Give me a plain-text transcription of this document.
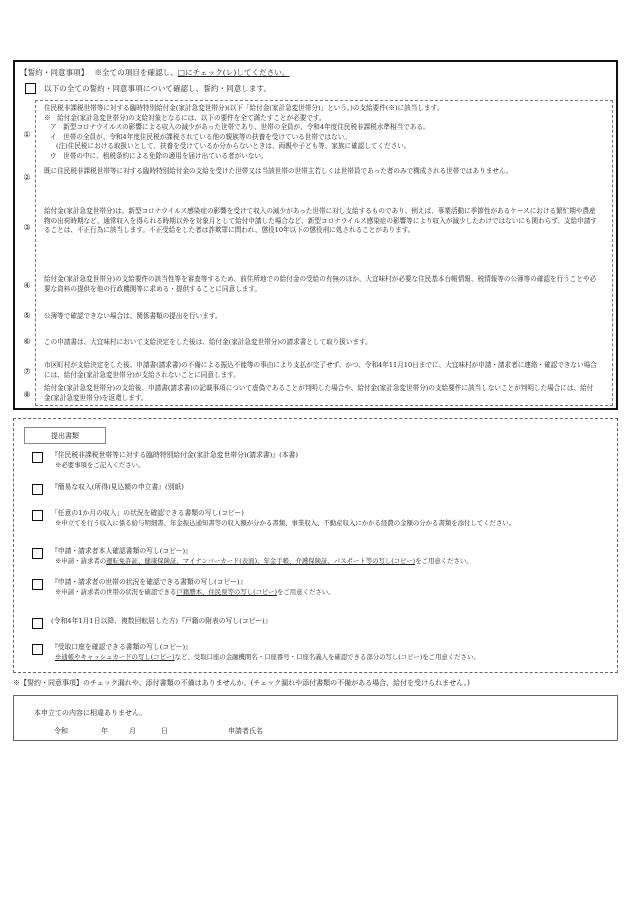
【誓約・同意事項】 ※全ての項目を確認し、□にチェック(レ)してください。
以下の全ての誓約・同意事項について確認し、誓約・同意します。
①
住民税非課税世帯等に対する臨時特別給付金(家計急変世帯分)(以下「給付金(家計急変世帯分)」という。)の支給要件(※)に該当します。
※　給付金(家計急変世帯分)の支給対象となるには、以下の要件を全て満たすことが必要です。
ア　新型コロナウイルスの影響による収入の減少があった世帯であり、世帯の全員が、令和4年度住民税非課税水準相当である。
イ　世帯の全員が、令和4年度住民税が課税されている他の親族等の扶養を受けている世帯ではない。
(注)住民税における取扱いとして、扶養を受けているか分からないときは、両親や子ども等、家族に確認してください。
ウ　世帯の中に、租税条約による免除の適用を届け出ている者がいない。
②
既に住民税非課税世帯等に対する臨時特別給付金の支給を受けた世帯又は当該世帯の世帯主若しくは世帯員であった者のみで構成される世帯ではありません。
③
給付金(家計急変世帯分)は、新型コロナウイルス感染症の影響を受けて収入の減少があった世帯に対し支給するものであり、例えば、事業活動に季節性があるケースにおける繁忙期や農産物の出荷時期など、通常収入を得られる時期以外を対象月として給付申請した場合など、新型コロナウイルス感染症の影響等により収入が減少したわけではないにも関わらず、支給申請することは、不正行為に該当します。不正受給をした者は詐欺罪に問われ、懲役10年以下の懲役刑に処されることがあります。
④
給付金(家計急変世帯分)の支給要件の該当性等を審査等するため、前住所地での給付金の受給の有無のほか、大宜味村が必要な住民基本台帳情報、税情報等の公簿等の確認を行うことや必要な資料の提供を他の行政機関等に求める・提供することに同意します。
⑤	公簿等で確認できない場合は、関係書類の提出を行います。
⑥	この申請書は、大宜味村において支給決定をした後は、給付金(家計急変世帯分)の請求書として取り扱います。
⑦
市区町村が支給決定をした後、申請書(請求書)の不備による振込不能等の事由により支払が完了せず、かつ、令和4年11月10日までに、大宜味村が申請・請求者に連絡・確認できない場合には、給付金(家計急変世帯分)が支給されないことに同意します。
⑧
給付金(家計急変世帯分)の支給後、申請書(請求書)の記載事項について虚偽であることが判明した場合や、給付金(家計急変世帯分)の支給要件に該当しないことが判明した場合には、給付金(家計急変世帯分)を返還します。
提出書類
『住民税非課税世帯等に対する臨時特別給付金(家計急変世帯分)(請求書)』(本書)
※必要事項をご記入ください。
『簡易な収入(所得)見込額の申立書』(別紙)
「任意の1か月の収入」の状況を確認できる書類の写し(コピー)
※申立てを行う収入に係る給与明細書、年金振込通知書等の収入額が分かる書類、事業収入、不動産収入にかかる経費の金額の分かる書類を添付してください。
『申請・請求者本人確認書類の写し(コピー)』
※申請・請求者の運転免許証、健康保険証、マイナンバーカード(表面)、年金手帳、介護保険証、パスポート等の写し(コピー)をご用意ください。
『申請・請求者の世帯の状況を確認できる書類の写し(コピー)』
※申請・請求者の世帯の状況を確認できる戸籍謄本、住民票等の写し(コピー)をご用意ください。
(令和4年1月1日以降、複数回転居した方)『戸籍の附表の写し(コピー)』
『受取口座を確認できる書類の写し(コピー)』
※通帳やキャッシュカードの写し(コピー)など、受取口座の金融機関名・口座番号・口座名義人を確認できる部分の写し(コピー)をご用意ください。
※【誓約・同意事項】のチェック漏れや、添付書類の不備はありませんか。(チェック漏れや添付書類の不備がある場合、給付を受けられません。)
本申立ての内容に相違ありません。
令和	年	月	日	申請者氏名
